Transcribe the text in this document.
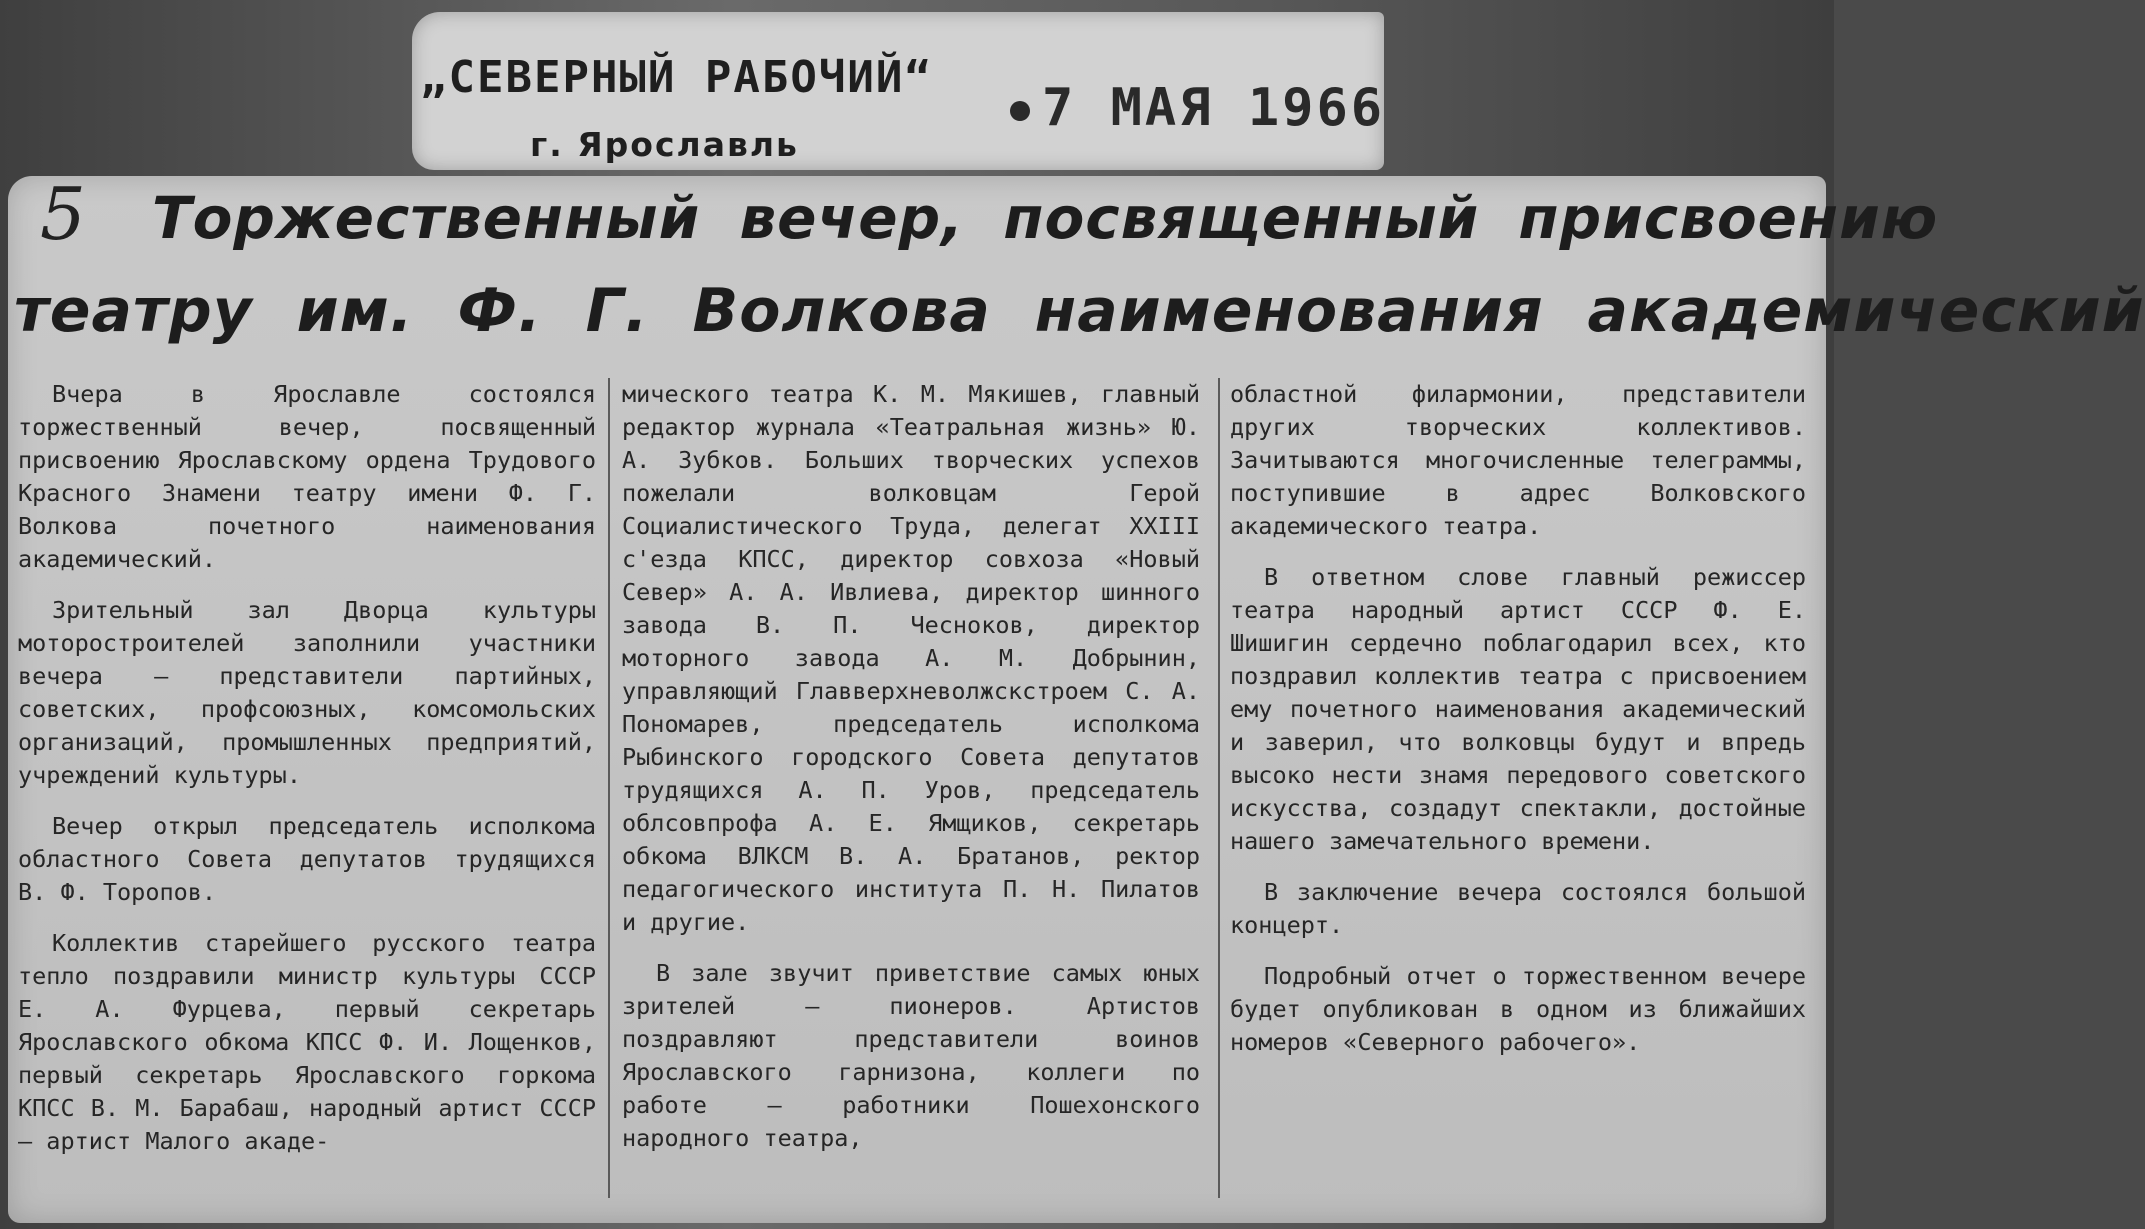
„СЕВЕРНЫЙ РАБОЧИЙ“
г. Ярославль
7 МАЯ 1966
5 Торжественный вечер, посвященный присвоению
театру им. Ф. Г. Волкова наименования академический

Вчера в Ярославле состоялся торжественный вечер, посвященный присвоению Ярославскому ордена Трудового Красного Знамени театру имени Ф. Г. Волкова почетного наименования академический.

Зрительный зал Дворца культуры моторостроителей заполнили участники вечера — представители партийных, советских, профсоюзных, комсомольских организаций, промышленных предприятий, учреждений культуры.

Вечер открыл председатель исполкома областного Совета депутатов трудящихся В. Ф. Торопов.

Коллектив старейшего русского театра тепло поздравили министр культуры СССР Е. А. Фурцева, первый секретарь Ярославского обкома КПСС Ф. И. Лощенков, первый секретарь Ярославского горкома КПСС В. М. Барабаш, народный артист СССР — артист Малого акаде-

мического театра К. М. Мякишев, главный редактор журнала «Театральная жизнь» Ю. А. Зубков. Больших творческих успехов пожелали волковцам Герой Социалистического Труда, делегат XXIII с'езда КПСС, директор совхоза «Новый Север» А. А. Ивлиева, директор шинного завода В. П. Чесноков, директор моторного завода А. М. Добрынин, управляющий Главверхневолжскстроем С. А. Пономарев, председатель исполкома Рыбинского городского Совета депутатов трудящихся А. П. Уров, председатель облсовпрофа А. Е. Ямщиков, секретарь обкома ВЛКСМ В. А. Братанов, ректор педагогического института П. Н. Пилатов и другие.

В зале звучит приветствие самых юных зрителей — пионеров. Артистов поздравляют представители воинов Ярославского гарнизона, коллеги по работе — работники Пошехонского народного театра,

областной филармонии, представители других творческих коллективов. Зачитываются многочисленные телеграммы, поступившие в адрес Волковского академического театра.

В ответном слове главный режиссер театра народный артист СССР Ф. Е. Шишигин сердечно поблагодарил всех, кто поздравил коллектив театра с присвоением ему почетного наименования академический и заверил, что волковцы будут и впредь высоко нести знамя передового советского искусства, создадут спектакли, достойные нашего замечательного времени.

В заключение вечера состоялся большой концерт.

Подробный отчет о торжественном вечере будет опубликован в одном из ближайших номеров «Северного рабочего».
